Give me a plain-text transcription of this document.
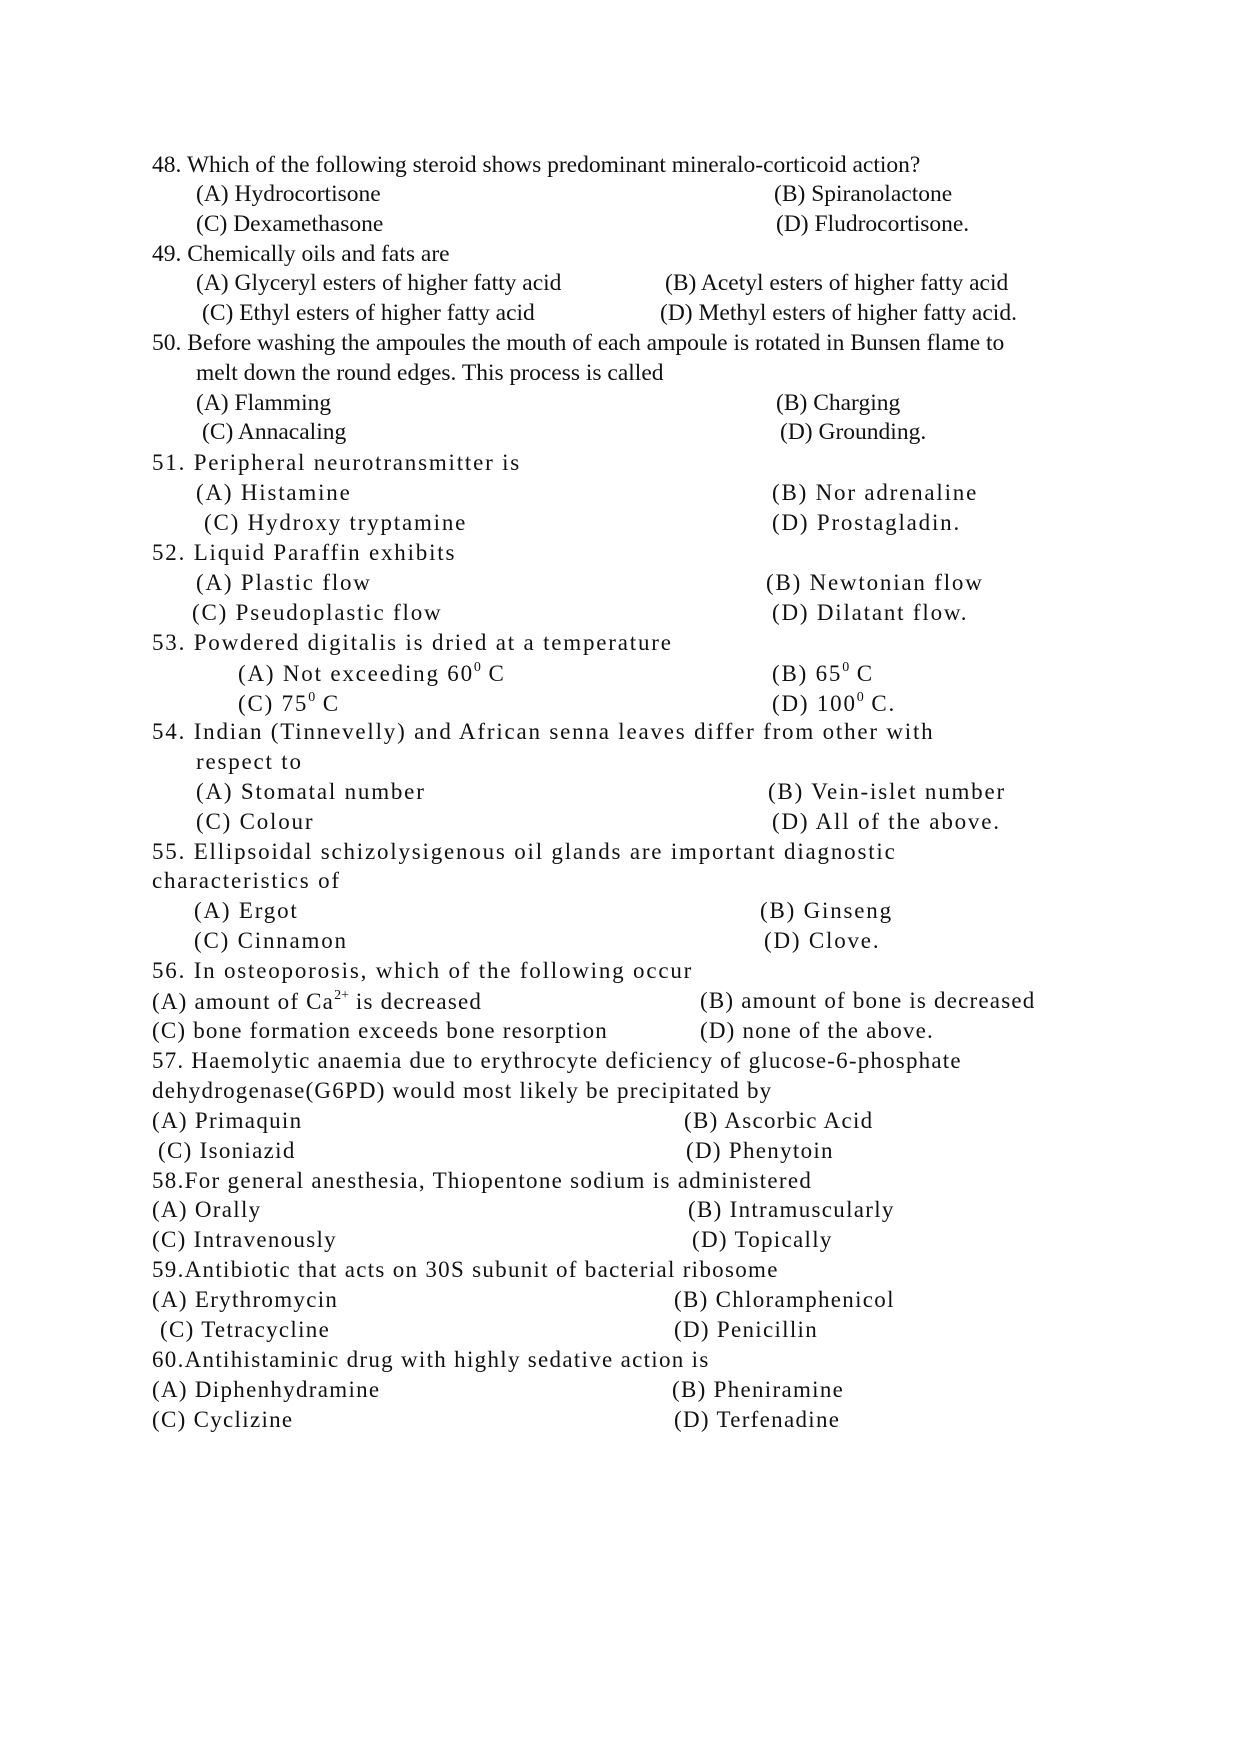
48. Which of the following steroid shows predominant mineralo-corticoid action?
(A) Hydrocortisone	(B) Spiranolactone
(C) Dexamethasone	(D) Fludrocortisone.
49. Chemically oils and fats are
(A) Glyceryl esters of higher fatty acid	(B) Acetyl esters of higher fatty acid
(C) Ethyl esters of higher fatty acid	(D) Methyl esters of higher fatty acid.
50. Before washing the ampoules the mouth of each ampoule is rotated in Bunsen flame to
melt down the round edges. This process is called
(A) Flamming	(B) Charging
(C) Annacaling	(D) Grounding.
51. Peripheral neurotransmitter is
(A) Histamine	(B) Nor adrenaline
(C) Hydroxy tryptamine	(D) Prostagladin.
52. Liquid Paraffin exhibits
(A) Plastic flow	(B) Newtonian flow
(C) Pseudoplastic flow	(D) Dilatant flow.
53. Powdered digitalis is dried at a temperature
(A) Not exceeding $60^0$ C	(B) $65^0$ C
(C) $75^0$ C	(D) $100^0$ C.
54. Indian (Tinnevelly) and African senna leaves differ from other with
respect to
(A) Stomatal number	(B) Vein-islet number
(C) Colour	(D) All of the above.
55. Ellipsoidal schizolysigenous oil glands are important diagnostic
characteristics of
(A) Ergot	(B) Ginseng
(C) Cinnamon	(D) Clove.
56. In osteoporosis, which of the following occur
(A) amount of $Ca^{2+}$ is decreased	(B) amount of bone is decreased
(C) bone formation exceeds bone resorption	(D) none of the above.
57. Haemolytic anaemia due to erythrocyte deficiency of glucose-6-phosphate
dehydrogenase(G6PD) would most likely be precipitated by
(A) Primaquin	(B) Ascorbic Acid
(C) Isoniazid	(D) Phenytoin
58.For general anesthesia, Thiopentone sodium is administered
(A) Orally	(B) Intramuscularly
(C) Intravenously	(D) Topically
59.Antibiotic that acts on 30S subunit of bacterial ribosome
(A) Erythromycin	(B) Chloramphenicol
(C) Tetracycline	(D) Penicillin
60.Antihistaminic drug with highly sedative action is
(A) Diphenhydramine	(B) Pheniramine
(C) Cyclizine	(D) Terfenadine
